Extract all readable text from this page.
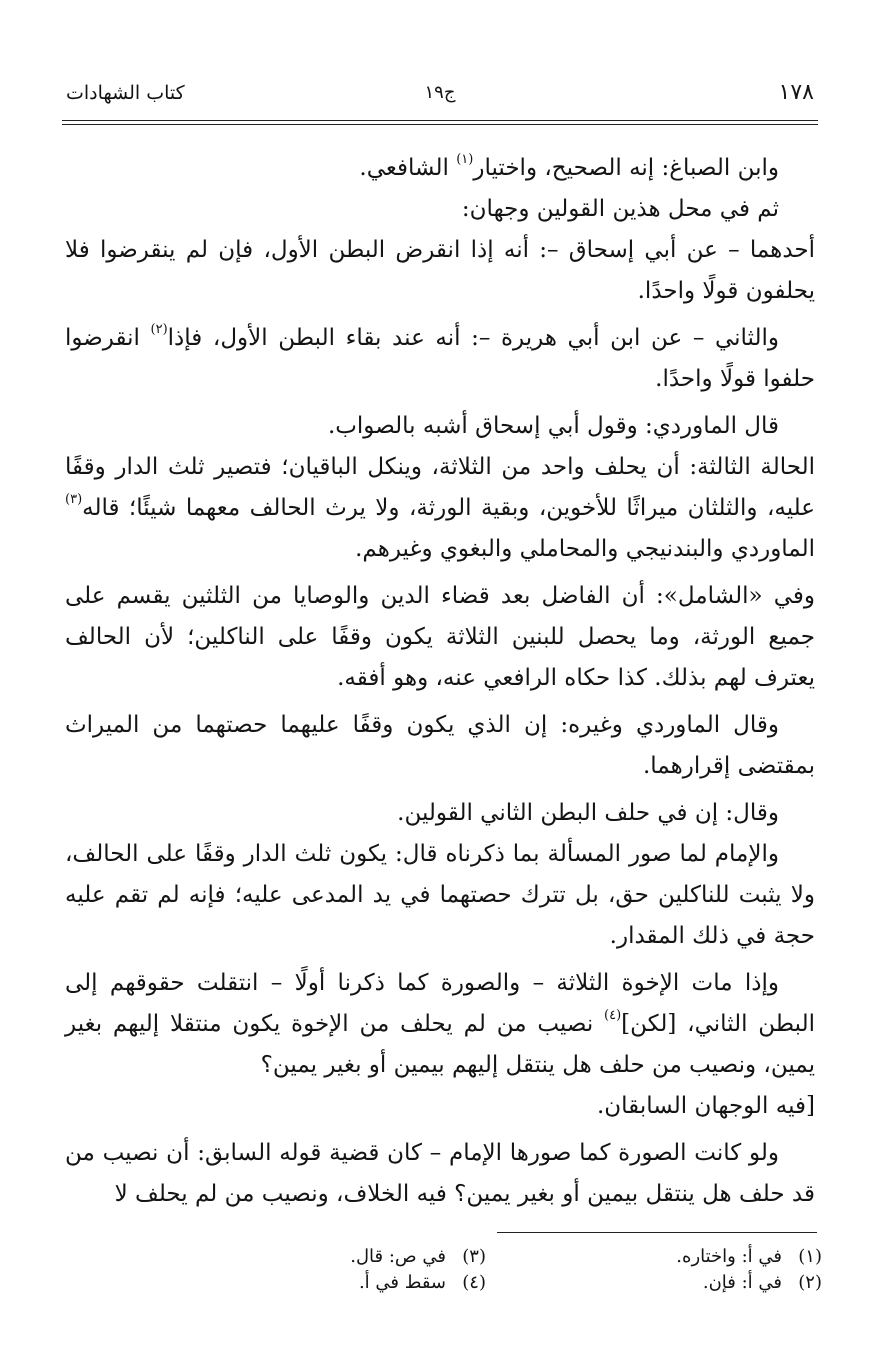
١٧٨
ج١٩
كتاب الشهادات

وابن الصباغ: إنه الصحيح، واختيار$^{(١)}$ الشافعي.

ثم في محل هذين القولين وجهان:

أحدهما – عن أبي إسحاق –: أنه إذا انقرض البطن الأول، فإن لم ينقرضوا فلا يحلفون قولًا واحدًا.

والثاني – عن ابن أبي هريرة –: أنه عند بقاء البطن الأول، فإذا$^{(٢)}$ انقرضوا حلفوا قولًا واحدًا.

قال الماوردي: وقول أبي إسحاق أشبه بالصواب.

الحالة الثالثة: أن يحلف واحد من الثلاثة، وينكل الباقيان؛ فتصير ثلث الدار وقفًا عليه، والثلثان ميراثًا للأخوين، وبقية الورثة، ولا يرث الحالف معهما شيئًا؛ قاله$^{(٣)}$ الماوردي والبندنيجي والمحاملي والبغوي وغيرهم.

وفي «الشامل»: أن الفاضل بعد قضاء الدين والوصايا من الثلثين يقسم على جميع الورثة، وما يحصل للبنين الثلاثة يكون وقفًا على الناكلين؛ لأن الحالف يعترف لهم بذلك. كذا حكاه الرافعي عنه، وهو أفقه.

وقال الماوردي وغيره: إن الذي يكون وقفًا عليهما حصتهما من الميراث بمقتضى إقرارهما.

وقال: إن في حلف البطن الثاني القولين.

والإمام لما صور المسألة بما ذكرناه قال: يكون ثلث الدار وقفًا على الحالف، ولا يثبت للناكلين حق، بل تترك حصتهما في يد المدعى عليه؛ فإنه لم تقم عليه حجة في ذلك المقدار.

وإذا مات الإخوة الثلاثة – والصورة كما ذكرنا أولًا – انتقلت حقوقهم إلى البطن الثاني، [لكن]$^{(٤)}$ نصيب من لم يحلف من الإخوة يكون منتقلا إليهم بغير يمين، ونصيب من حلف هل ينتقل إليهم بيمين أو بغير يمين؟

[فيه الوجهان السابقان.

ولو كانت الصورة كما صورها الإمام – كان قضية قوله السابق: أن نصيب من قد حلف هل ينتقل بيمين أو بغير يمين؟ فيه الخلاف، ونصيب من لم يحلف لا

(١)في أ: واختاره.
(٣)في ص: قال.
(٢)في أ: فإن.
(٤)سقط في أ.
